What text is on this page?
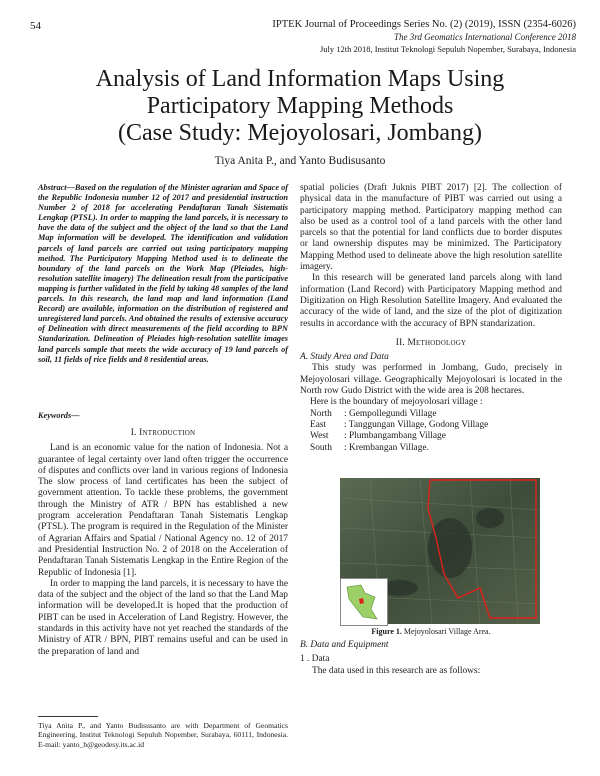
54	IPTEK Journal of Proceedings Series No. (2) (2019), ISSN (2354-6026)
The 3rd Geomatics International Conference 2018
July 12th 2018, Institut Teknologi Sepuluh Nopember, Surabaya, Indonesia
Analysis of Land Information Maps Using
Participatory Mapping Methods
(Case Study: Mejoyolosari, Jombang)
Tiya Anita P., and Yanto Budisusanto
Abstract—Based on the regulation of the Minister agrarian and Space of the Republic Indonesia number 12 of 2017 and presidential instruction Number 2 of 2018 for accelerating Pendaftaran Tanah Sistematis Lengkap (PTSL). In order to mapping the land parcels, it is necessary to have the data of the subject and the object of the land so that the Land Map information will be developed. The identification and validation parcels of land parcels are carried out using participatory mapping method. The Participatory Mapping Method used is to delineate the boundary of the land parcels on the Work Map (Pleiades, high-resolution satellite imagery) The delineation result from the participative mapping is further validated in the field by taking 48 samples of the land parcels. In this research, the land map and land information (Land Record) are available, information on the distribution of registered and unregistered land parcels. And obtained the results of extensive accuracy of Delineation with direct measurements of the field according to BPN Standarization. Delineation of Pleiades high-resolution satellite images land parcels sample that meets the wide accuracy of 19 land parcels of soil, 11 fields of rice fields and 8 residential areas.
Keywords—
I. Introduction

Land is an economic value for the nation of Indonesia. Not a guarantee of legal certainty over land often trigger the occurrence of disputes and conflicts over land in various regions of Indonesia The slow process of land certificates has been the subject of government attention. To tackle these problems, the government through the Ministry of ATR / BPN has established a new program acceleration Pendaftaran Tanah Sistematis Lengkap (PTSL). The program is required in the Regulation of the Minister of Agrarian Affairs and Spatial / National Agency no. 12 of 2017 and Presidential Instruction No. 2 of 2018 on the Acceleration of Pendaftaran Tanah Sistematis Lengkap in the Entire Region of the Republic of Indonesia [1].

In order to mapping the land parcels, it is necessary to have the data of the subject and the object of the land so that the Land Map information will be developed.It is hoped that the production of PIBT can be used in Acceleration of Land Registry. However, the standards in this activity have not yet reached the standards of the Ministry of ATR / BPN, PIBT remains useful and can be used in the preparation of land and

Tiya Anita P., and Yanto Budisusanto are with Department of Geomatics Engineering, Institut Teknologi Sepuluh Nopember, Surabaya, 60111, Indonesia. E-mail: yanto_b@geodesy.its.ac.id

spatial policies (Draft Juknis PIBT 2017) [2]. The collection of physical data in the manufacture of PIBT was carried out using a participatory mapping method. Participatory mapping method can also be used as a control tool of a land parcels with the other land parcels so that the potential for land conflicts due to border disputes or land ownership disputes may be minimized. The Participatory Mapping Method used to delineate above the high resolution satellite imagery.

In this research will be generated land parcels along with land information (Land Record) with Participatory Mapping method and Digitization on High Resolution Satellite Imagery. And evaluated the accuracy of the wide of land, and the size of the plot of digitization results in accordance with the accuracy of BPN standarization.

II. Methodology
A. Study Area and Data

This study was performed in Jombang, Gudo, precisely in Mejoyolosari village. Geographically Mejoyolosari is located in the North row Gudo District with the wide area is 208 hectares.

Here is the boundary of mejoyolosari village :
North	: Gempollegundi Village
East	: Tanggungan Village, Godong Village
West	: Plumbangambang Village
South	: Krembangan Village.
Figure 1. Mejoyolosari Village Area.
B. Data and Equipment
1 . Data

The data used in this research are as follows:
